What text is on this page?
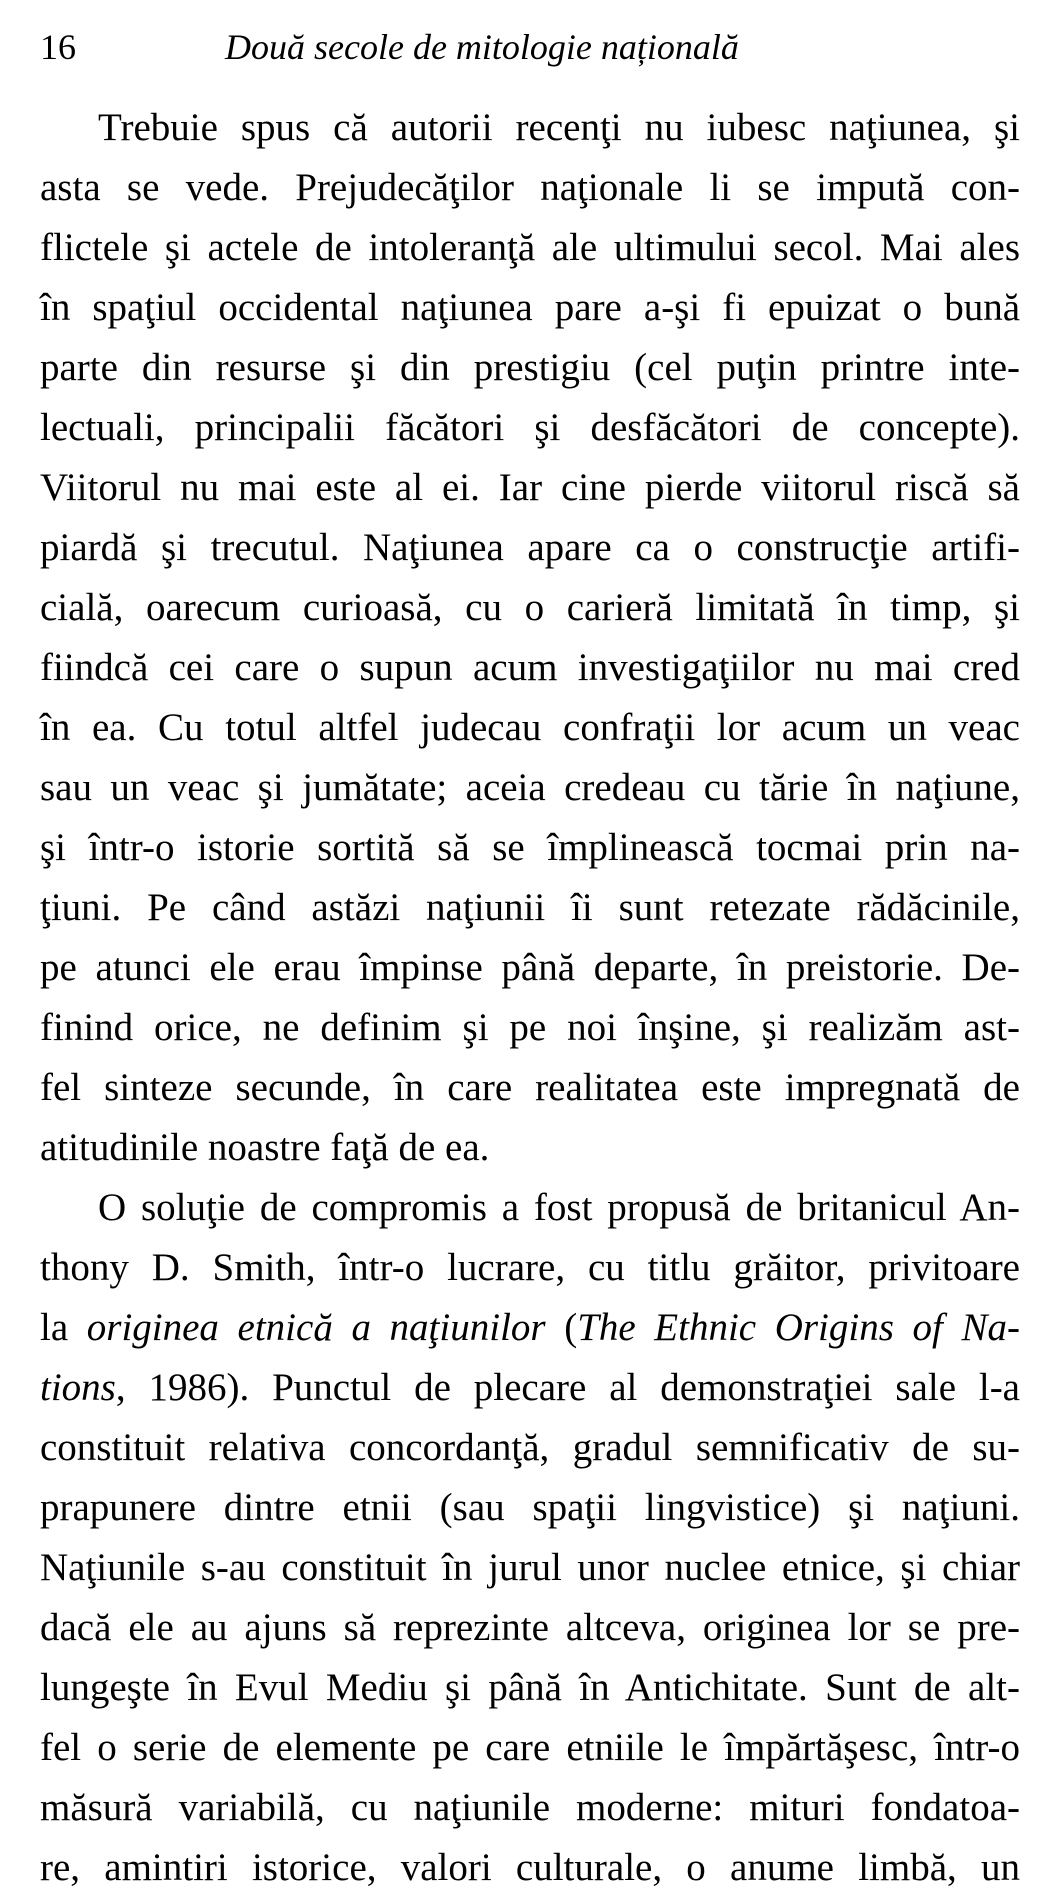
16	Două secole de mitologie națională
Trebuie spus că autorii recenţi nu iubesc naţiunea, şi
asta se vede. Prejudecăţilor naţionale li se impută con-
flictele şi actele de intoleranţă ale ultimului secol. Mai ales
în spaţiul occidental naţiunea pare a-şi fi epuizat o bună
parte din resurse şi din prestigiu (cel puţin printre inte-
lectuali, principalii făcători şi desfăcători de concepte).
Viitorul nu mai este al ei. Iar cine pierde viitorul riscă să
piardă şi trecutul. Naţiunea apare ca o construcţie artifi-
cială, oarecum curioasă, cu o carieră limitată în timp, şi
fiindcă cei care o supun acum investigaţiilor nu mai cred
în ea. Cu totul altfel judecau confraţii lor acum un veac
sau un veac şi jumătate; aceia credeau cu tărie în naţiune,
şi într-o istorie sortită să se împlinească tocmai prin na-
ţiuni. Pe când astăzi naţiunii îi sunt retezate rădăcinile,
pe atunci ele erau împinse până departe, în preistorie. De-
finind orice, ne definim şi pe noi înşine, şi realizăm ast-
fel sinteze secunde, în care realitatea este impregnată de
atitudinile noastre faţă de ea.
O soluţie de compromis a fost propusă de britanicul An-
thony D. Smith, într-o lucrare, cu titlu grăitor, privitoare
la originea etnică a naţiunilor (The Ethnic Origins of Na-
tions, 1986). Punctul de plecare al demonstraţiei sale l-a
constituit relativa concordanţă, gradul semnificativ de su-
prapunere dintre etnii (sau spaţii lingvistice) şi naţiuni.
Naţiunile s-au constituit în jurul unor nuclee etnice, şi chiar
dacă ele au ajuns să reprezinte altceva, originea lor se pre-
lungeşte în Evul Mediu şi până în Antichitate. Sunt de alt-
fel o serie de elemente pe care etniile le împărtăşesc, într-o
măsură variabilă, cu naţiunile moderne: mituri fondatoa-
re, amintiri istorice, valori culturale, o anume limbă, un
